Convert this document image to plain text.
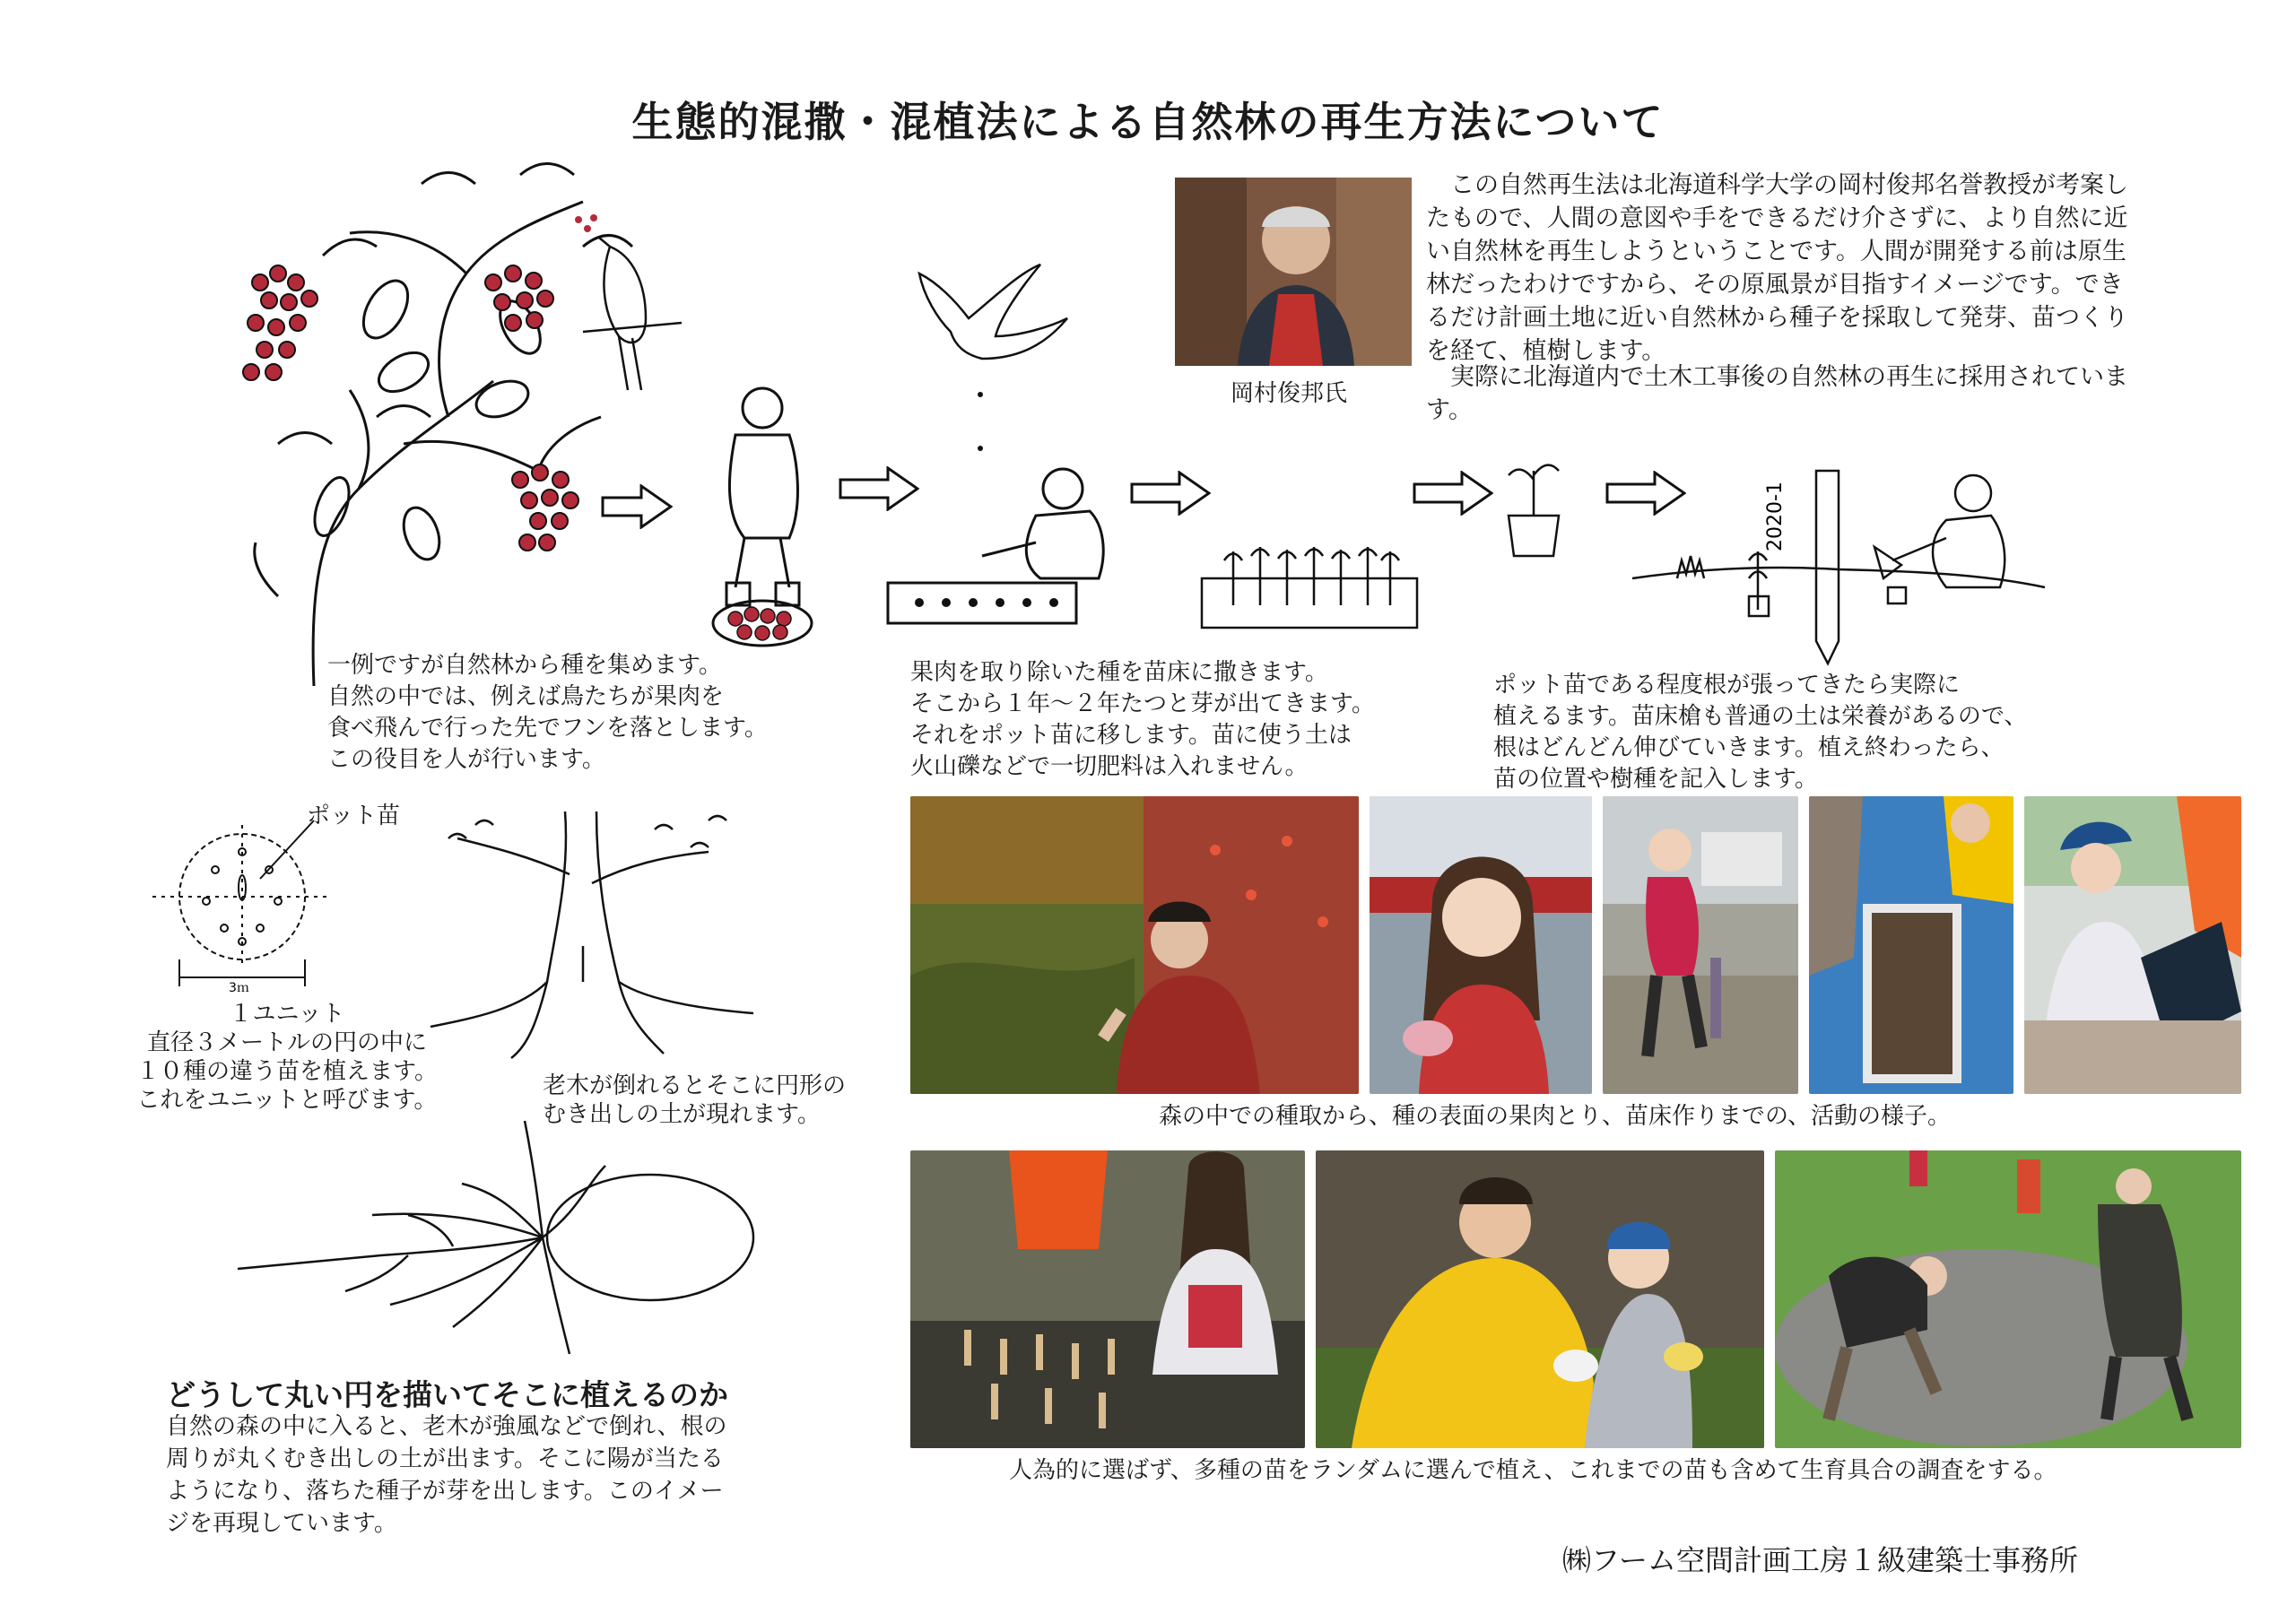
生態的混撒・混植法による自然林の再生方法について
2020-1
岡村俊邦氏
　この自然再生法は北海道科学大学の岡村俊邦名誉教授が考案したもので、人間の意図や手をできるだけ介さずに、より自然に近い自然林を再生しようということです。人間が開発する前は原生林だったわけですから、その原風景が目指すイメージです。できるだけ計画土地に近い自然林から種子を採取して発芽、苗つくりを経て、植樹します。
　実際に北海道内で土木工事後の自然林の再生に採用されています。
一例ですが自然林から種を集めます。
自然の中では、例えば鳥たちが果肉を
食べ飛んで行った先でフンを落とします。
この役目を人が行います。
果肉を取り除いた種を苗床に撒きます。
そこから１年～２年たつと芽が出てきます。
それをポット苗に移します。苗に使う土は
火山礫などで一切肥料は入れません。
ポット苗である程度根が張ってきたら実際に
植えるます。苗床槍も普通の土は栄養があるので、
根はどんどん伸びていきます。植え終わったら、
苗の位置や樹種を記入します。
ポット苗
3ｍ
１ユニット
直径３メートルの円の中に
１０種の違う苗を植えます。
これをユニットと呼びます。
老木が倒れるとそこに円形の
むき出しの土が現れます。
どうして丸い円を描いてそこに植えるのか
自然の森の中に入ると、老木が強風などで倒れ、根の
周りが丸くむき出しの土が出ます。そこに陽が当たる
ようになり、落ちた種子が芽を出します。このイメー
ジを再現しています。
森の中での種取から、種の表面の果肉とり、苗床作りまでの、活動の様子。
人為的に選ばず、多種の苗をランダムに選んで植え、これまでの苗も含めて生育具合の調査をする。
㈱フーム空間計画工房１級建築士事務所
